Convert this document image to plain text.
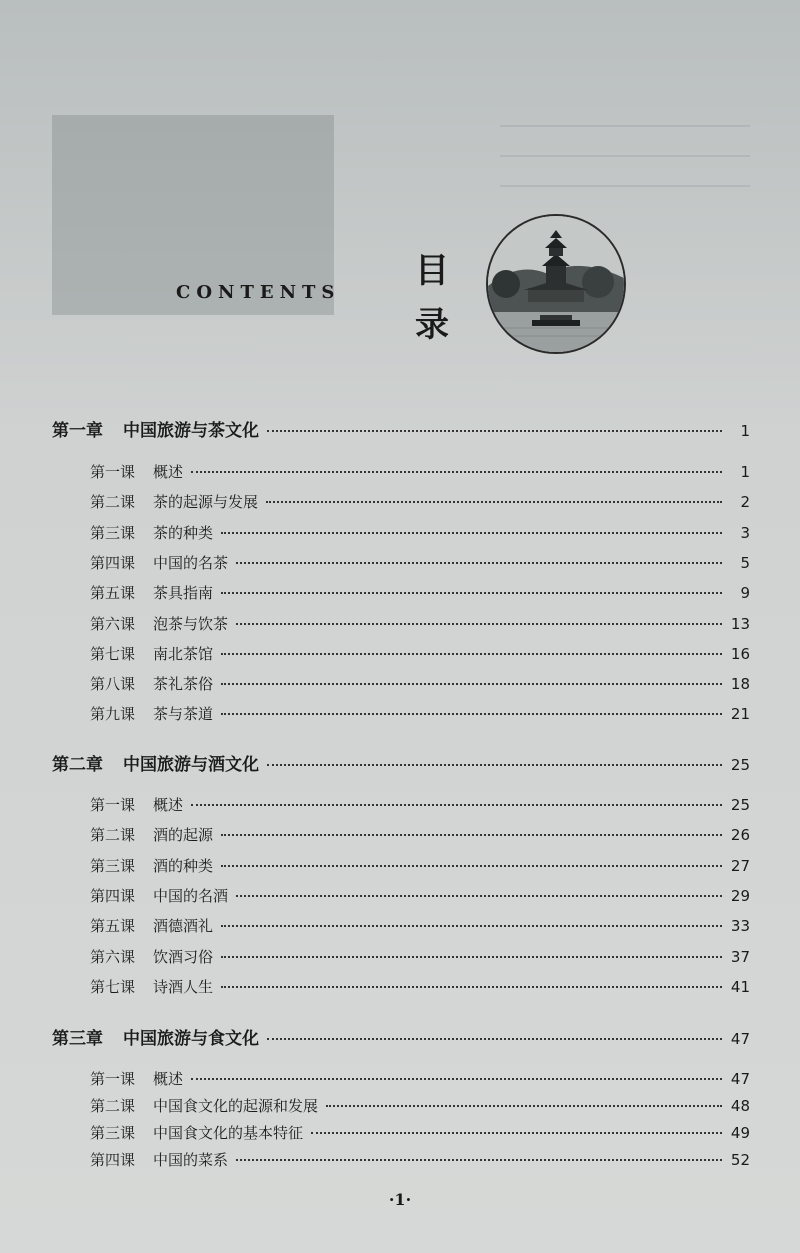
CONTENTS
目
录
第一章 中国旅游与茶文化	1
第一课 概述	1
第二课 茶的起源与发展	2
第三课 茶的种类	3
第四课 中国的名茶	5
第五课 茶具指南	9
第六课 泡茶与饮茶	13
第七课 南北茶馆	16
第八课 茶礼茶俗	18
第九课 茶与茶道	21
第二章 中国旅游与酒文化	25
第一课 概述	25
第二课 酒的起源	26
第三课 酒的种类	27
第四课 中国的名酒	29
第五课 酒德酒礼	33
第六课 饮酒习俗	37
第七课 诗酒人生	41
第三章 中国旅游与食文化	47
第一课 概述	47
第二课 中国食文化的起源和发展	48
第三课 中国食文化的基本特征	49
第四课 中国的菜系	52
·1·
